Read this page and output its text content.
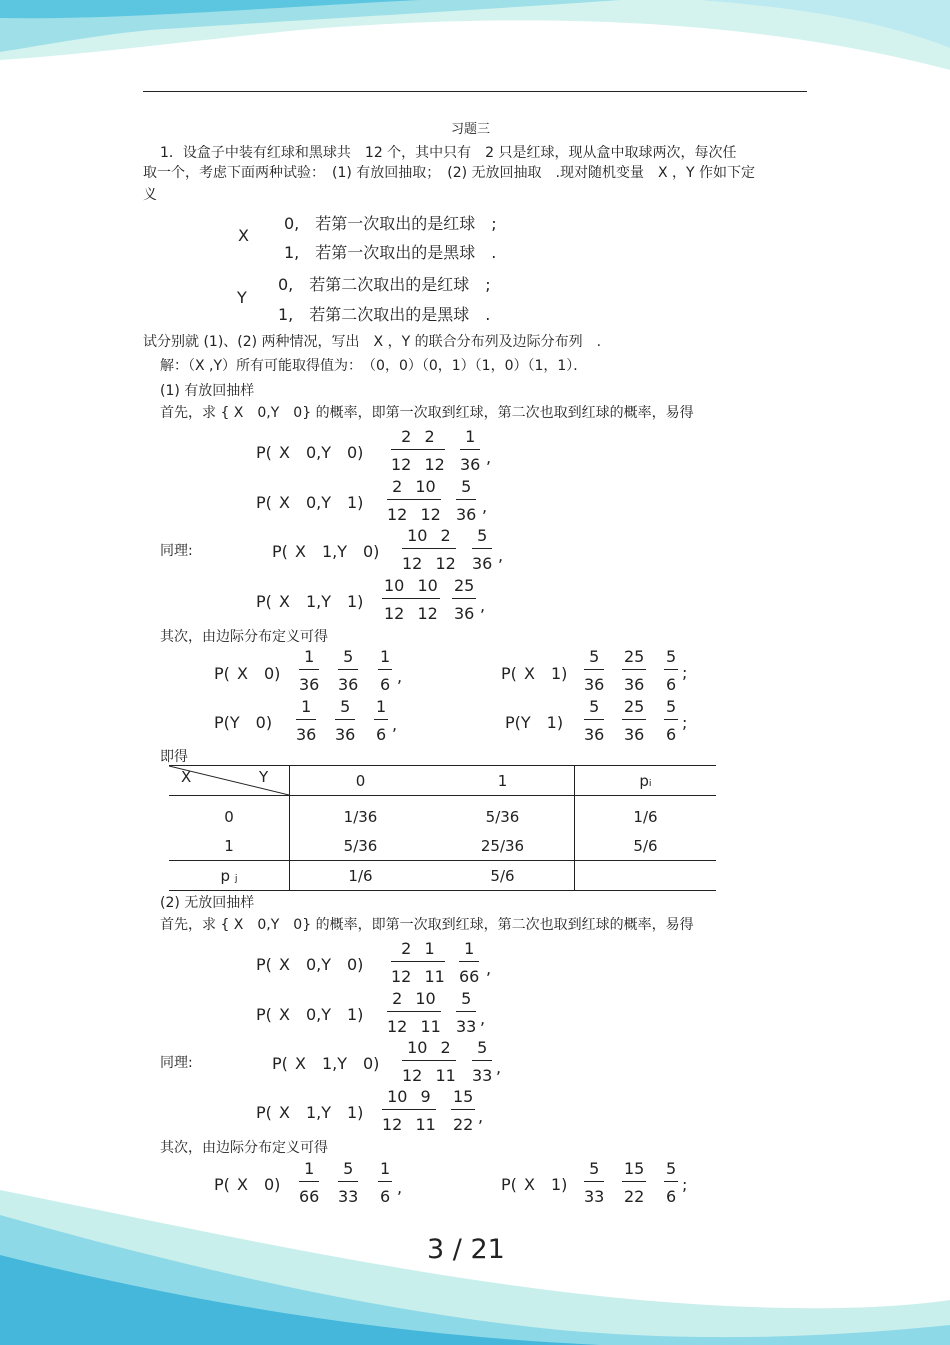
习题三
1．设盒子中装有红球和黑球共　12 个，其中只有　2 只是红球，现从盒中取球两次，每次任
取一个，考虑下面两种试验：　(1) 有放回抽取；　(2) 无放回抽取　.现对随机变量　X ，Y 作如下定
义
X
0,　若第一次取出的是红球　;
1,　若第一次取出的是黑球　.
Y
0,　若第二次取出的是红球　;
1,　若第二次取出的是黑球　.
试分别就 (1)、(2) 两种情况，写出　X ，Y 的联合分布列及边际分布列　.
解：（X ,Y）所有可能取得值为：　（0，0）（0，1）（1，0）（1，1）．
(1) 有放回抽样
首先，求 { X　0,Y　0} 的概率，即第一次取到红球，第二次也取到红球的概率，易得
P( X　0,Y　$0) \frac{2 2}{12 12} \frac{1}{36}$ ,
P( X　0,Y　$1) \frac{2 10}{12 12} \frac{5}{36}$ ,
同理:	P( X　1,Y　$0) \frac{10 2}{12 12} \frac{5}{36}$ ,
P( X　1,Y　$1) \frac{10 10}{12 12} \frac{25}{36}$ ,
其次，由边际分布定义可得
P( X　$0) \frac{1}{36} \frac{5}{36} \frac{1}{6}$ ,	P( X　$1) \frac{5}{36} \frac{25}{36} \frac{5}{6}$ ;
P(Y　$0) \frac{1}{36} \frac{5}{36} \frac{1}{6}$ ,	P(Y　$1) \frac{5}{36} \frac{25}{36} \frac{5}{6}$ ;
即得
X Y	0	1	pᵢ
0	1/36	5/36	1/6
1	5/36	25/36	5/6
p ⱼ	1/6	5/6	
(2) 无放回抽样
首先，求 { X　0,Y　0} 的概率，即第一次取到红球，第二次也取到红球的概率，易得
P( X　0,Y　$0) \frac{2 1}{12 11} \frac{1}{66}$ ,
P( X　0,Y　$1) \frac{2 10}{12 11} \frac{5}{33}$ ,
同理:	P( X　1,Y　$0) \frac{10 2}{12 11} \frac{5}{33}$ ,
P( X　1,Y　$1) \frac{10 9}{12 11} \frac{15}{22}$ ,
其次，由边际分布定义可得
P( X　$0) \frac{1}{66} \frac{5}{33} \frac{1}{6}$ ,	P( X　$1) \frac{5}{33} \frac{15}{22} \frac{5}{6}$ ;
3 / 21
